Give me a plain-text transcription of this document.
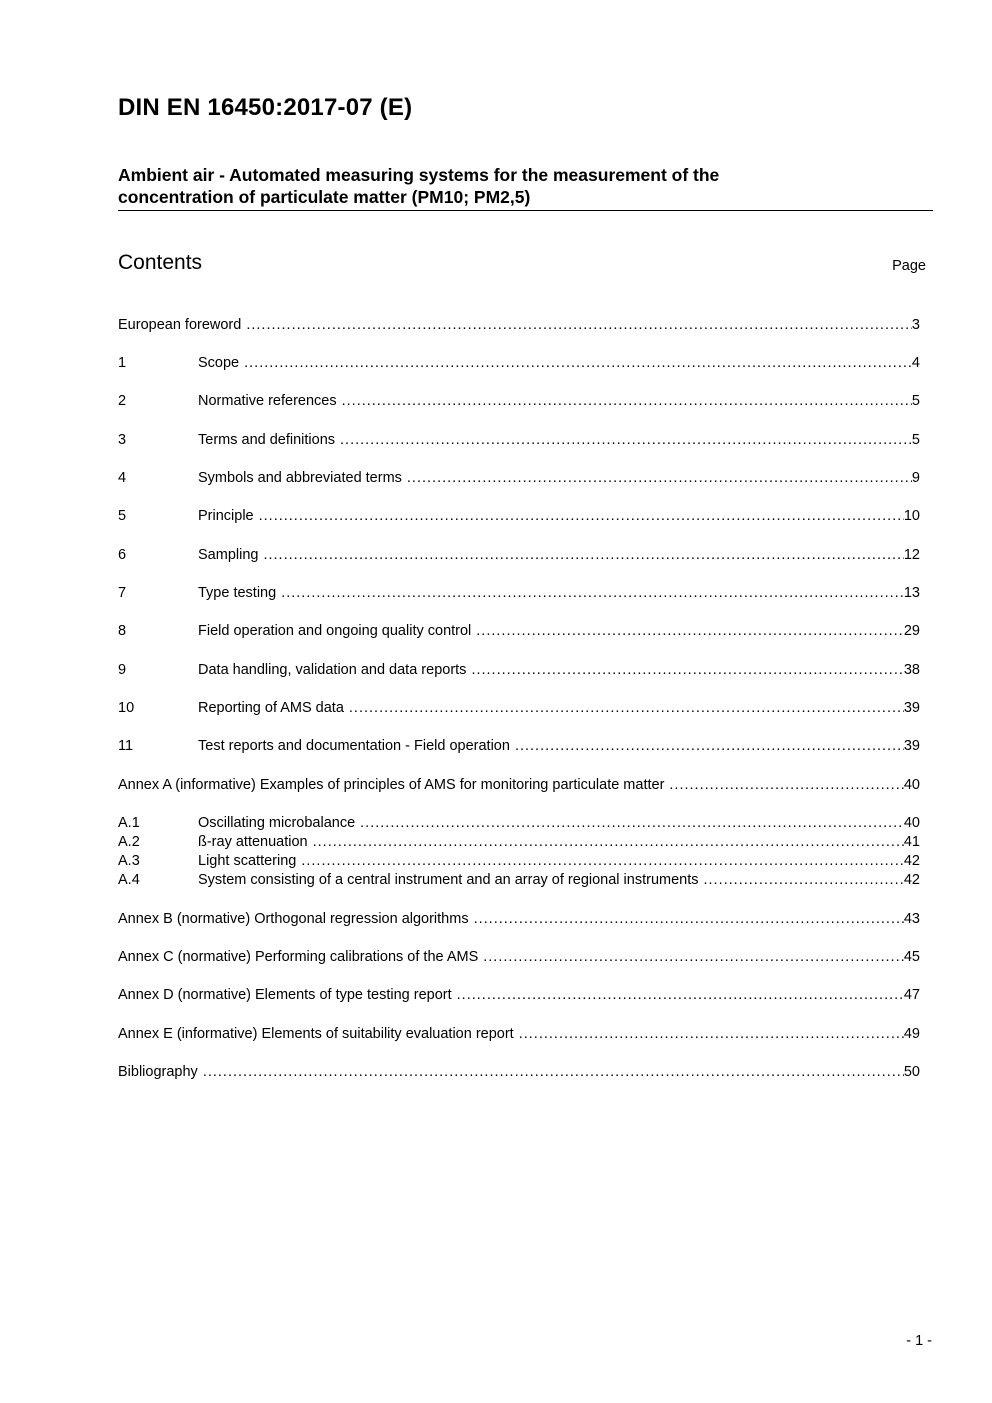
DIN EN 16450:2017-07 (E)
Ambient air - Automated measuring systems for the measurement of the
concentration of particulate matter (PM10; PM2,5)
Contents	Page
European foreword .....	3
1	Scope .....	4
2	Normative references .....	5
3	Terms and definitions .....	5
4	Symbols and abbreviated terms .....	9
5	Principle .....	10
6	Sampling .....	12
7	Type testing .....	13
8	Field operation and ongoing quality control .....	29
9	Data handling, validation and data reports .....	38
10	Reporting of AMS data .....	39
11	Test reports and documentation - Field operation .....	39
Annex A (informative) Examples of principles of AMS for monitoring particulate matter .....	40
A.1	Oscillating microbalance .....	40
A.2	ß-ray attenuation .....	41
A.3	Light scattering .....	42
A.4	System consisting of a central instrument and an array of regional instruments .....	42
Annex B (normative) Orthogonal regression algorithms .....	43
Annex C (normative) Performing calibrations of the AMS .....	45
Annex D (normative) Elements of type testing report .....	47
Annex E (informative) Elements of suitability evaluation report .....	49
Bibliography .....	50
- 1 -
